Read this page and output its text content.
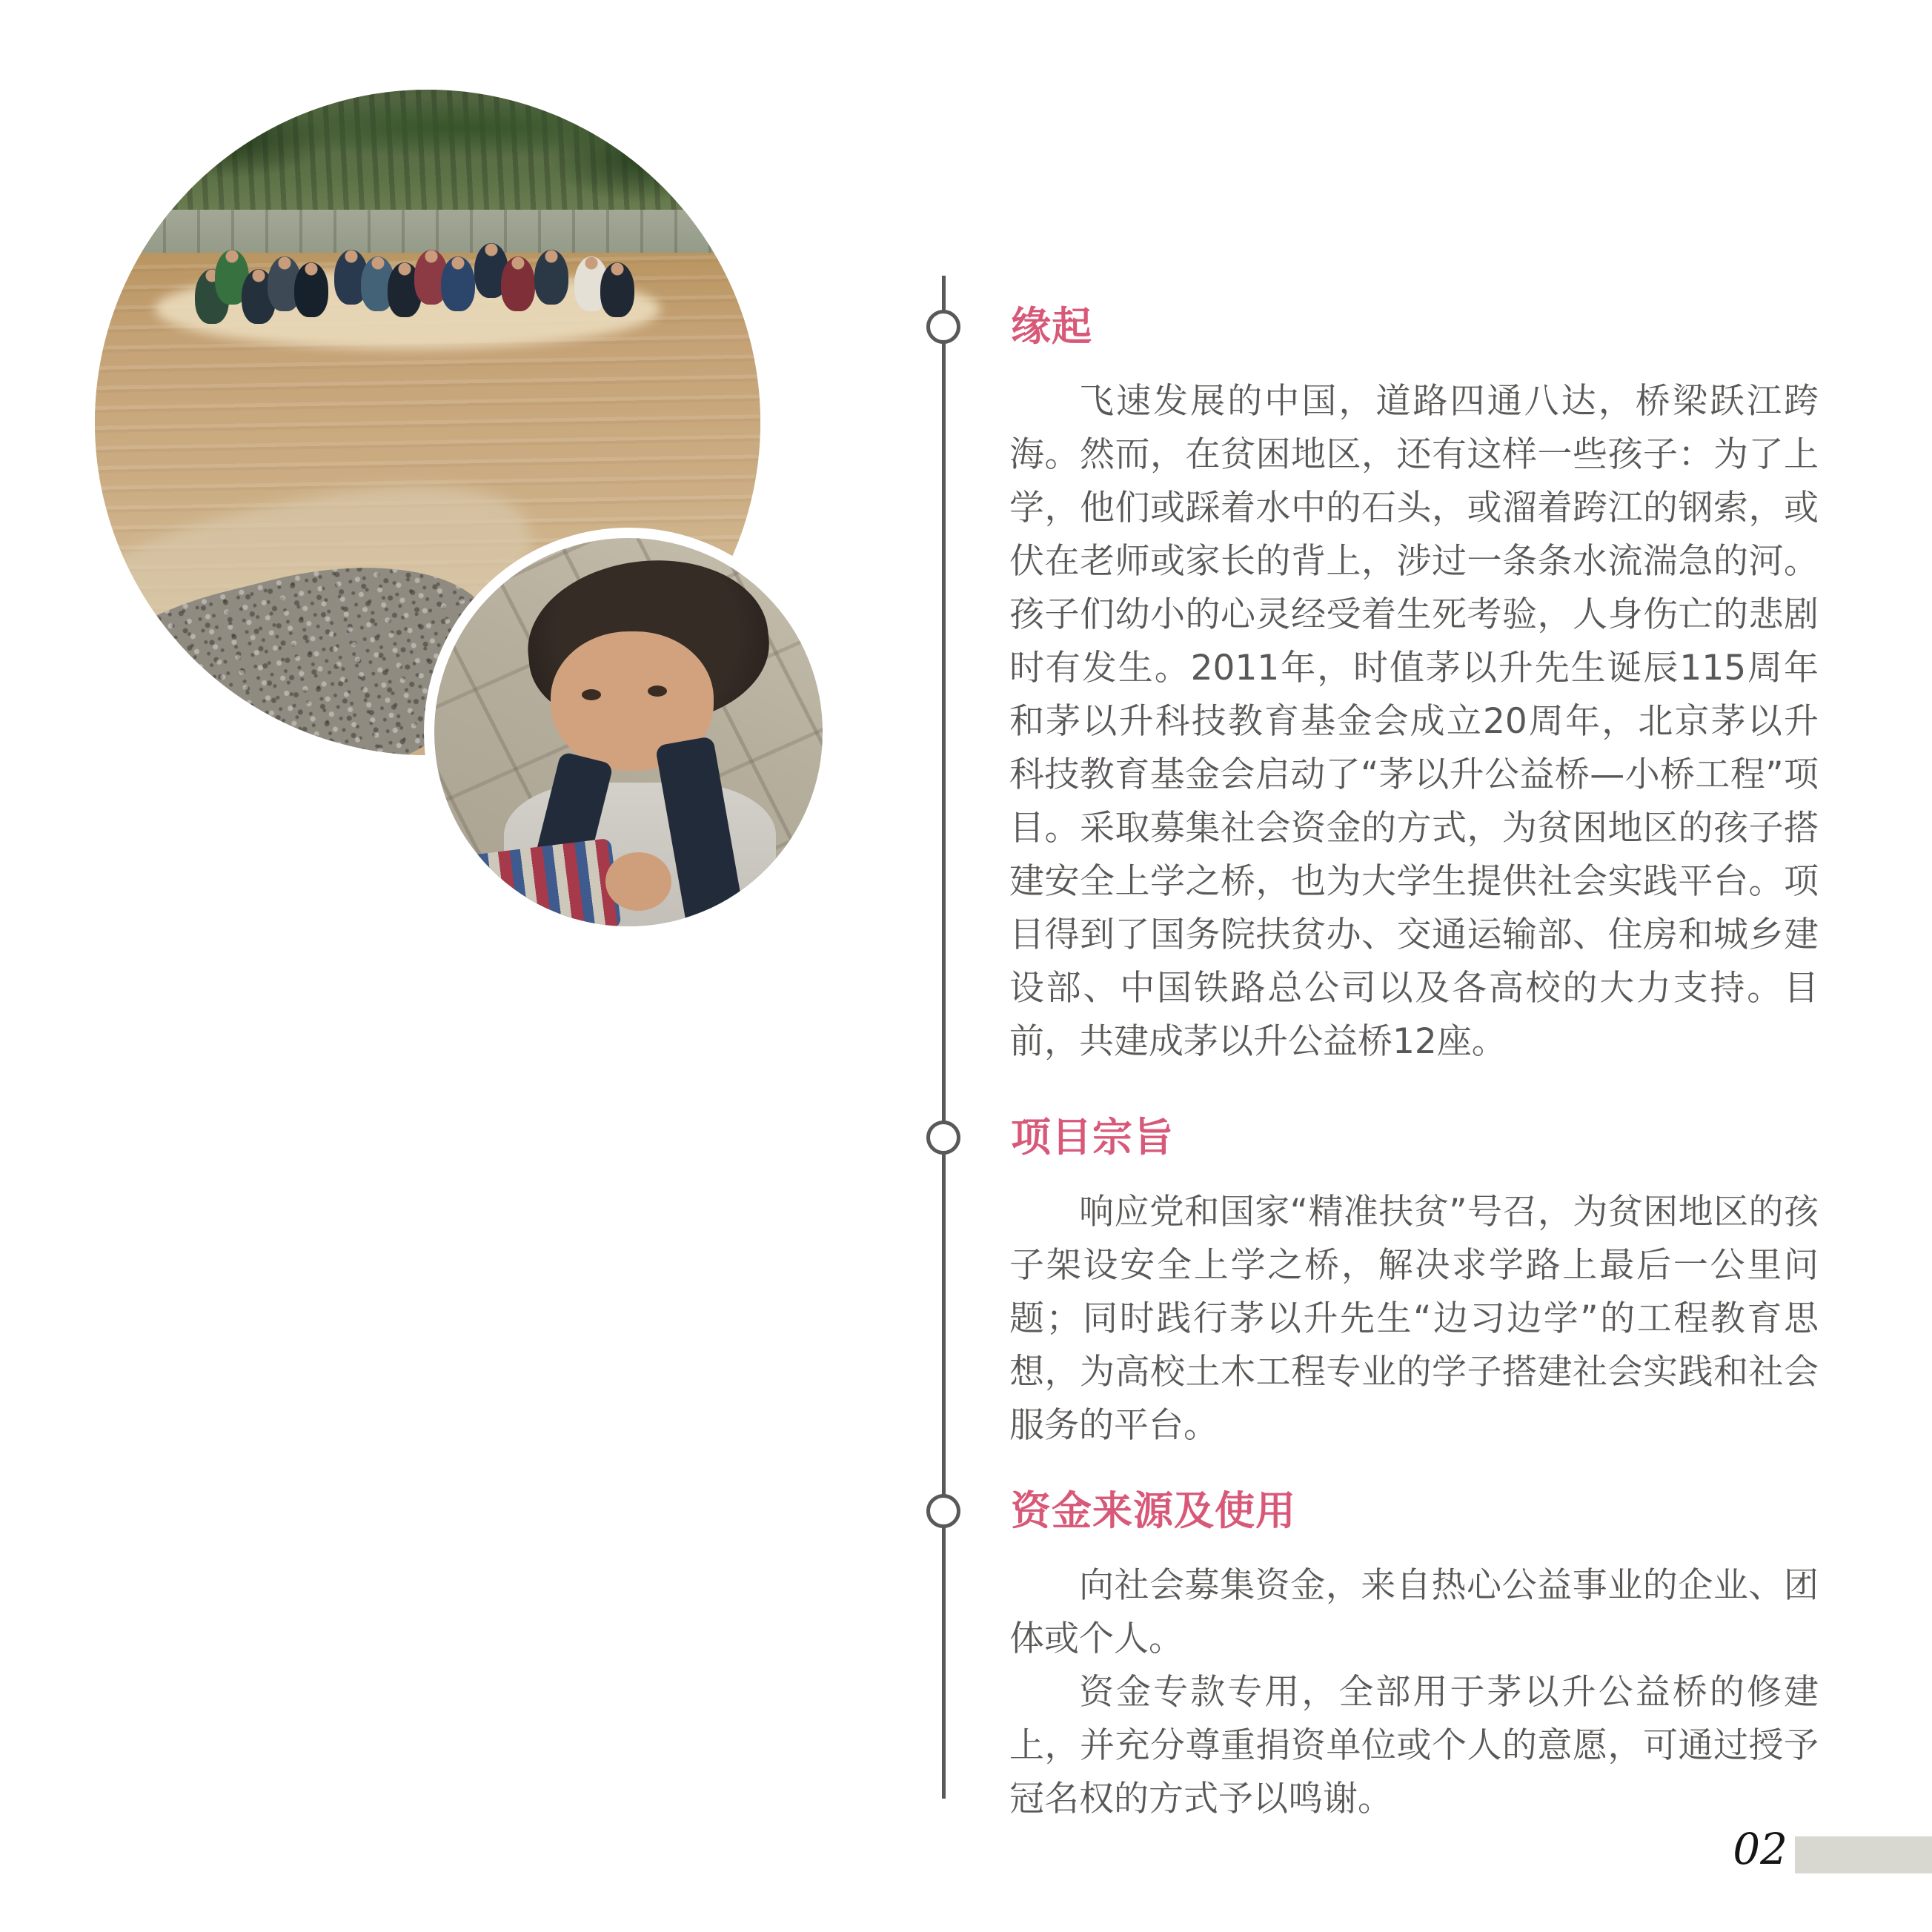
缘起

飞速发展的中国，道路四通八达，桥梁跃江跨海。然而，在贫困地区，还有这样一些孩子：为了上学，他们或踩着水中的石头，或溜着跨江的钢索，或伏在老师或家长的背上，涉过一条条水流湍急的河。孩子们幼小的心灵经受着生死考验，人身伤亡的悲剧时有发生。2011年，时值茅以升先生诞辰115周年和茅以升科技教育基金会成立20周年，北京茅以升科技教育基金会启动了“茅以升公益桥—小桥工程”项目。采取募集社会资金的方式，为贫困地区的孩子搭建安全上学之桥，也为大学生提供社会实践平台。项目得到了国务院扶贫办、交通运输部、住房和城乡建设部、中国铁路总公司以及各高校的大力支持。目前，共建成茅以升公益桥12座。

项目宗旨

响应党和国家“精准扶贫”号召，为贫困地区的孩子架设安全上学之桥，解决求学路上最后一公里问题；同时践行茅以升先生“边习边学”的工程教育思想，为高校土木工程专业的学子搭建社会实践和社会服务的平台。

资金来源及使用

向社会募集资金，来自热心公益事业的企业、团体或个人。

资金专款专用，全部用于茅以升公益桥的修建上，并充分尊重捐资单位或个人的意愿，可通过授予冠名权的方式予以鸣谢。

02
